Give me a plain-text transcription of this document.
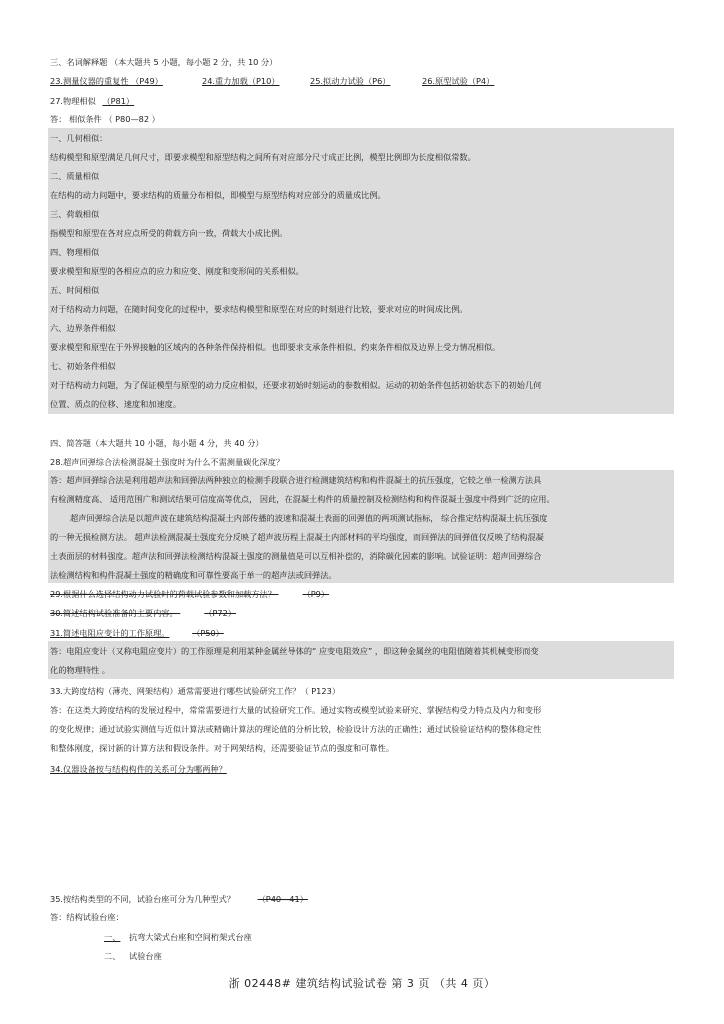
三、名词解释题 （本大题共 5 小题，每小题 2 分，共 10 分）
23.测量仪器的重复性 （P49）	24.重力加载（P10）	25.拟动力试验（P6）	26.原型试验（P4）
27.物理相似 （P81）
答： 相似条件 （ P80—82 ）
一、几何相似：
结构模型和原型满足几何尺寸，即要求模型和原型结构之间所有对应部分尺寸成正比例，模型比例即为长度相似常数。
二、质量相似
在结构的动力问题中，要求结构的质量分布相似，即模型与原型结构对应部分的质量成比例。
三、荷载相似
指模型和原型在各对应点所受的荷载方向一致，荷载大小成比例。
四、物理相似
要求模型和原型的各相应点的应力和应变、刚度和变形间的关系相似。
五、时间相似
对于结构动力问题，在随时间变化的过程中，要求结构模型和原型在对应的时刻进行比较，要求对应的时间成比例。
六、边界条件相似
要求模型和原型在于外界接触的区域内的各种条件保持相似。也即要求支承条件相似、约束条件相似及边界上受力情况相似。
七、初始条件相似
对于结构动力问题，为了保证模型与原型的动力反应相似，还要求初始时刻运动的参数相似。运动的初始条件包括初始状态下的初始几何
位置、质点的位移、速度和加速度。
四、简答题（本大题共 10 小题，每小题 4 分，共 40 分）
28.超声回弹综合法检测混凝土强度时为什么不需测量碳化深度？
答：超声回弹综合法是利用超声法和回弹法两种独立的检测手段联合进行检测建筑结构和构件混凝土的抗压强度，它较之单一检测方法具
有检测精度高、 适用范围广和测试结果可信度高等优点， 因此，在混凝土构件的质量控制及检测结构和构件混凝土强度中得到广泛的应用。
超声回弹综合法是以超声波在建筑结构混凝土内部传播的波速和混凝土表面的回弹值的两项测试指标， 综合推定结构混凝土抗压强度
的一种无损检测方法。 超声法检测混凝土强度充分反映了超声波历程上混凝土内部材料的平均强度，而回弹法的回弹值仅反映了结构混凝
土表面层的材料强度。超声法和回弹法检测结构混凝土强度的测量值是可以互相补偿的，消除碳化因素的影响。试验证明：超声回弹综合
法检测结构和构件混凝土强度的精确度和可靠性要高于单一的超声法或回弹法。
29.根据什么选择结构动力试验时的荷载试验参数和加载方法？	（P9）
30.简述结构试验准备的主要内容。	（P72）
31.简述电阻应变计的工作原理。	（P50）
答：电阻应变计（又称电阻应变片）的工作原理是利用某种金属丝导体的“ 应变电阻效应” ，即这种金属丝的电阻值随着其机械变形而变
化的物理特性 。
33.大跨度结构（薄壳、网架结构）通常需要进行哪些试验研究工作？（ P123）
答：在这类大跨度结构的发展过程中，常常需要进行大量的试验研究工作。通过实物或模型试验来研究、掌握结构受力特点及内力和变形
的变化规律；通过试验实测值与近似计算法或精确计算法的理论值的分析比较，检验设计方法的正确性；通过试验验证结构的整体稳定性
和整体刚度，探讨新的计算方法和假设条件。对于网架结构，还需要验证节点的强度和可靠性。
34.仪器设备按与结构构件的关系可分为哪两种？
35.按结构类型的不同，试验台座可分为几种型式？	（P40—41）
答：结构试验台座：
一、 抗弯大梁式台座和空间桁架式台座
二、 试验台座
浙 02448# 建筑结构试验试卷 第 3 页 （共 4 页）
